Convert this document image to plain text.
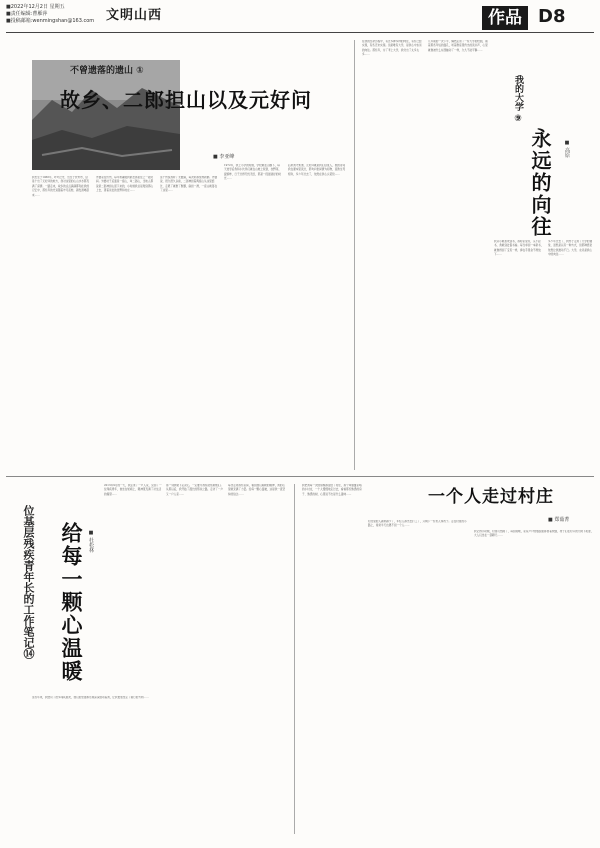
■2022年12月2日 星期五
■责任编辑:曹雁萍
■投稿邮箱:wenmingshan@163.com 文明山西	作品 D8
不曾遗落的遗山 ①
故乡、二郎担山以及元好问
■ 李亚峰
我出生于1966年，叶叶泛舟，出生于忻州市，这是个出了元好问的地方，我对这里的山山水水都充满了深情。一路走来，故乡的点点滴滴都刻在我的记忆中，那些年的光景随着岁月流转，越发清晰起来……
外婆家在忻州，每年寒暑假我都去那里住上一段时间。外婆村子后面是一座山，叫二郎山，当地人都说是二郎神担山留下来的，小时候我总是爬到那山上去，望着远处的田野和村庄……
这个传说我听了无数遍，每次听都觉得新鲜。外婆说，很久很久以前，二郎神担着两座山从这里经过，走累了就歇了歇脚，扁担一滑，一座山就落在了这里……
1972年，我上小学的时候，学校就在山脚下，每天放学后我和小伙伴们就在山坡上玩耍，挖野菜、捉蚂蚱，日子过得无忧无虑，那是一段最美好的时光……
后来我才知道，元好问就是我们这里人，他的诗词我在课本里读过，那句问世间情为何物，直教生死相许，多少年过去了，依然在我心头萦绕……
我的大学 ⑨
永远的向往	■ 高原
在我的生命历程中，有过多种多样的向往，有些已经实现，有些还未实现。但是唯有大学，是我心中永远的向往。那些年，为了考上大学，我付出了太多太多……
几年前的一次下午，偶然走进了一所大学的校园，看着那些年轻的面孔，听着教室里传出的读书声，心里就像被什么东西触动了一样，久久不能平静……
我从小就喜欢读书，那时家里穷，买不起书，我就到处借书看。每当拿到一本新书，就像得到了宝贝一样，捧在手里舍不得放下……
多少年过去了，我终于走进了大学的课堂，虽然是以另一种方式，但那种感觉依然让我激动不已。大学，永远是我心中的向往……
位基层残疾青年长的工作笔记⑭ 给每一颗心温暖	■ 杜松林
2013年9月的一天，我走进了一户人家，见到了一位残疾青年，他坐在轮椅上，眼神里充满了对生活的渴望……
那一刻我就下定决心，一定要尽我所能帮助他们。从那以后，我开始了漫长的帮扶之路，走访了一户又一户人家……
每次走进那些家庭，看到他们期盼的眼神，我的心里就充满了力量。给每一颗心温暖，这是我一直坚持的信念……
这些年来，我结识了很多残疾朋友，他们的坚强和乐观深深感动着我，让我更加坚定了前行的方向……
一个人走过村庄
■ 郑茹菁
我把我每一次的傍晚都留给了村庄，那个叫做董家峪的小村庄，一个人慢慢地走过去，看看那些熟悉的房子、熟悉的树，心里说不出是什么滋味……
村庄里的人越来越少了，年轻人都出去打工了，只剩下一些老人和孩子。走在村里的小路上，常常半天也遇不到一个人……
我记得小时候，村里可热闹了，每到傍晚，家家户户的烟囱里都冒着炊烟，孩子们在村口的大树下玩耍，大人们坐在一起聊天……
